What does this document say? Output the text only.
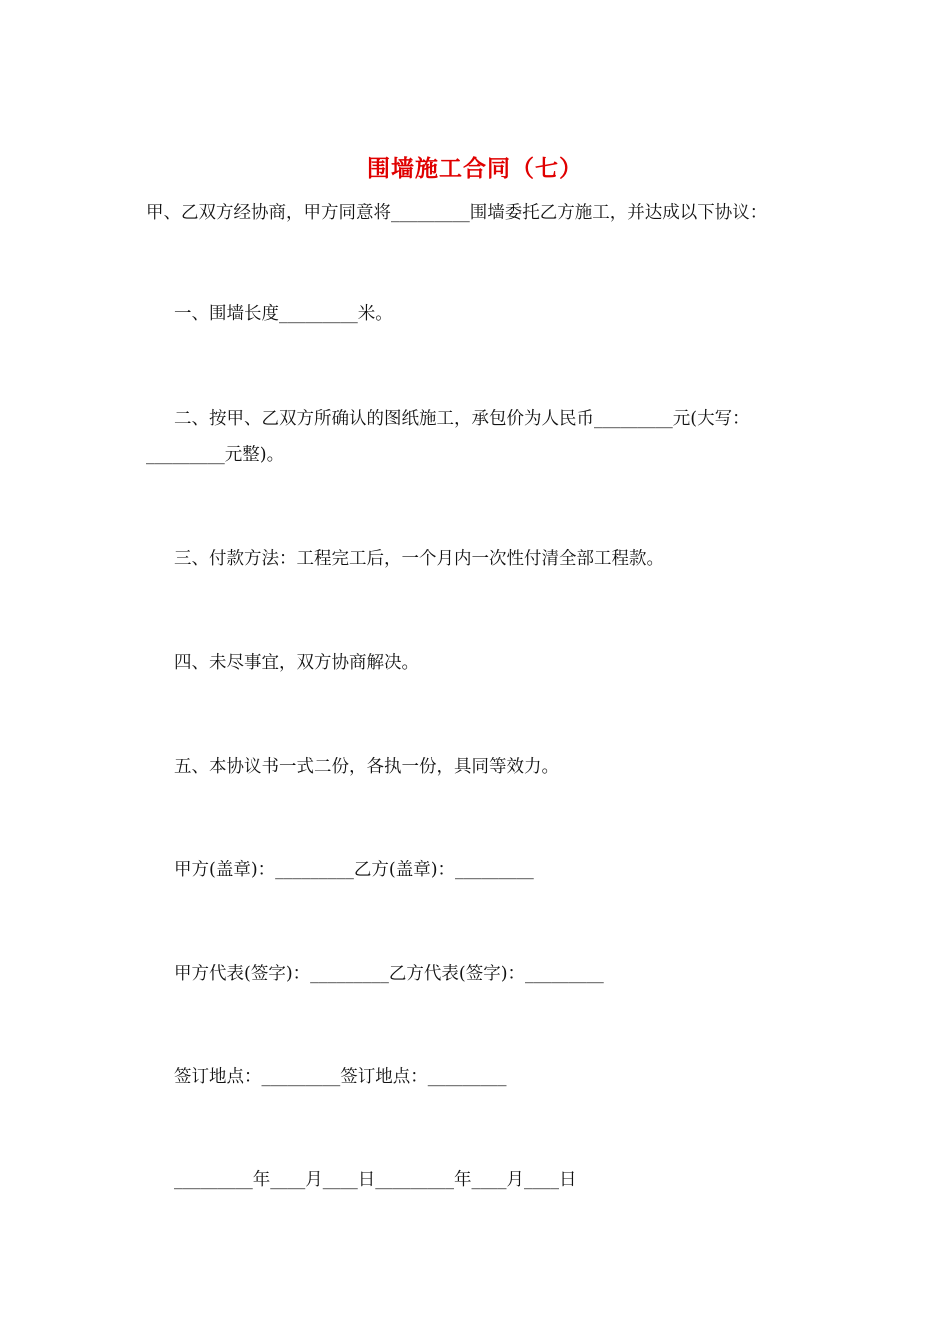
围墙施工合同（七）
甲、乙双方经协商，甲方同意将_________围墙委托乙方施工，并达成以下协议：
一、围墙长度_________米。
二、按甲、乙双方所确认的图纸施工，承包价为人民币_________元(大写：
_________元整)。
三、付款方法：工程完工后，一个月内一次性付清全部工程款。
四、未尽事宜，双方协商解决。
五、本协议书一式二份，各执一份，具同等效力。
甲方(盖章)：_________乙方(盖章)：_________
甲方代表(签字)：_________乙方代表(签字)：_________
签订地点：_________签订地点：_________
_________年____月____日_________年____月____日
